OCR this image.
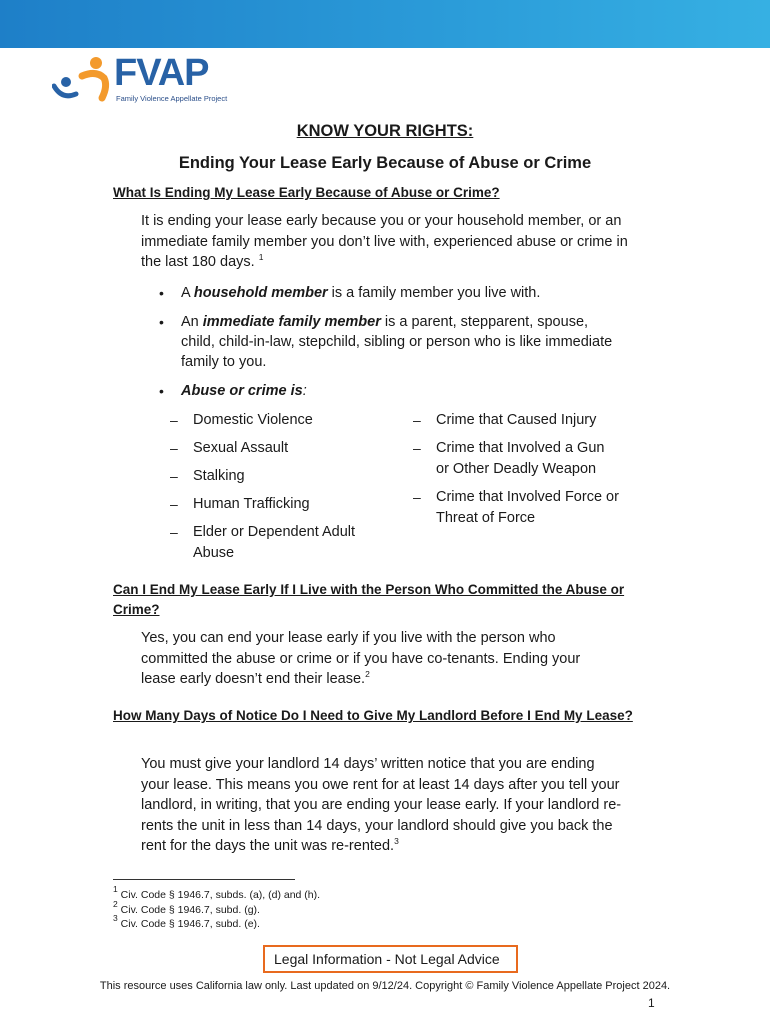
FVAP
Family Violence Appellate Project
KNOW YOUR RIGHTS:
Ending Your Lease Early Because of Abuse or Crime
What Is Ending My Lease Early Because of Abuse or Crime?
It is ending your lease early because you or your household member, or an immediate family member you don’t live with, experienced abuse or crime in the last 180 days. $^1$
• A household member is a family member you live with.
• An immediate family member is a parent, stepparent, spouse, child, child-in-law, stepchild, sibling or person who is like immediate family to you.
• Abuse or crime is:
– Domestic Violence
– Sexual Assault
– Stalking
– Human Trafficking
– Elder or Dependent Adult Abuse
– Crime that Caused Injury
– Crime that Involved a Gun or Other Deadly Weapon
– Crime that Involved Force or Threat of Force
Can I End My Lease Early If I Live with the Person Who Committed the Abuse or Crime?
Yes, you can end your lease early if you live with the person who committed the abuse or crime or if you have co-tenants. Ending your lease early doesn’t end their lease.$^2$
How Many Days of Notice Do I Need to Give My Landlord Before I End My Lease?
You must give your landlord 14 days’ written notice that you are ending your lease. This means you owe rent for at least 14 days after you tell your landlord, in writing, that you are ending your lease early. If your landlord re-rents the unit in less than 14 days, your landlord should give you back the rent for the days the unit was re-rented.$^3$
$^1$ Civ. Code § 1946.7, subds. (a), (d) and (h).
$^2$ Civ. Code § 1946.7, subd. (g).
$^3$ Civ. Code § 1946.7, subd. (e).
Legal Information - Not Legal Advice
This resource uses California law only. Last updated on 9/12/24. Copyright © Family Violence Appellate Project 2024.
1
